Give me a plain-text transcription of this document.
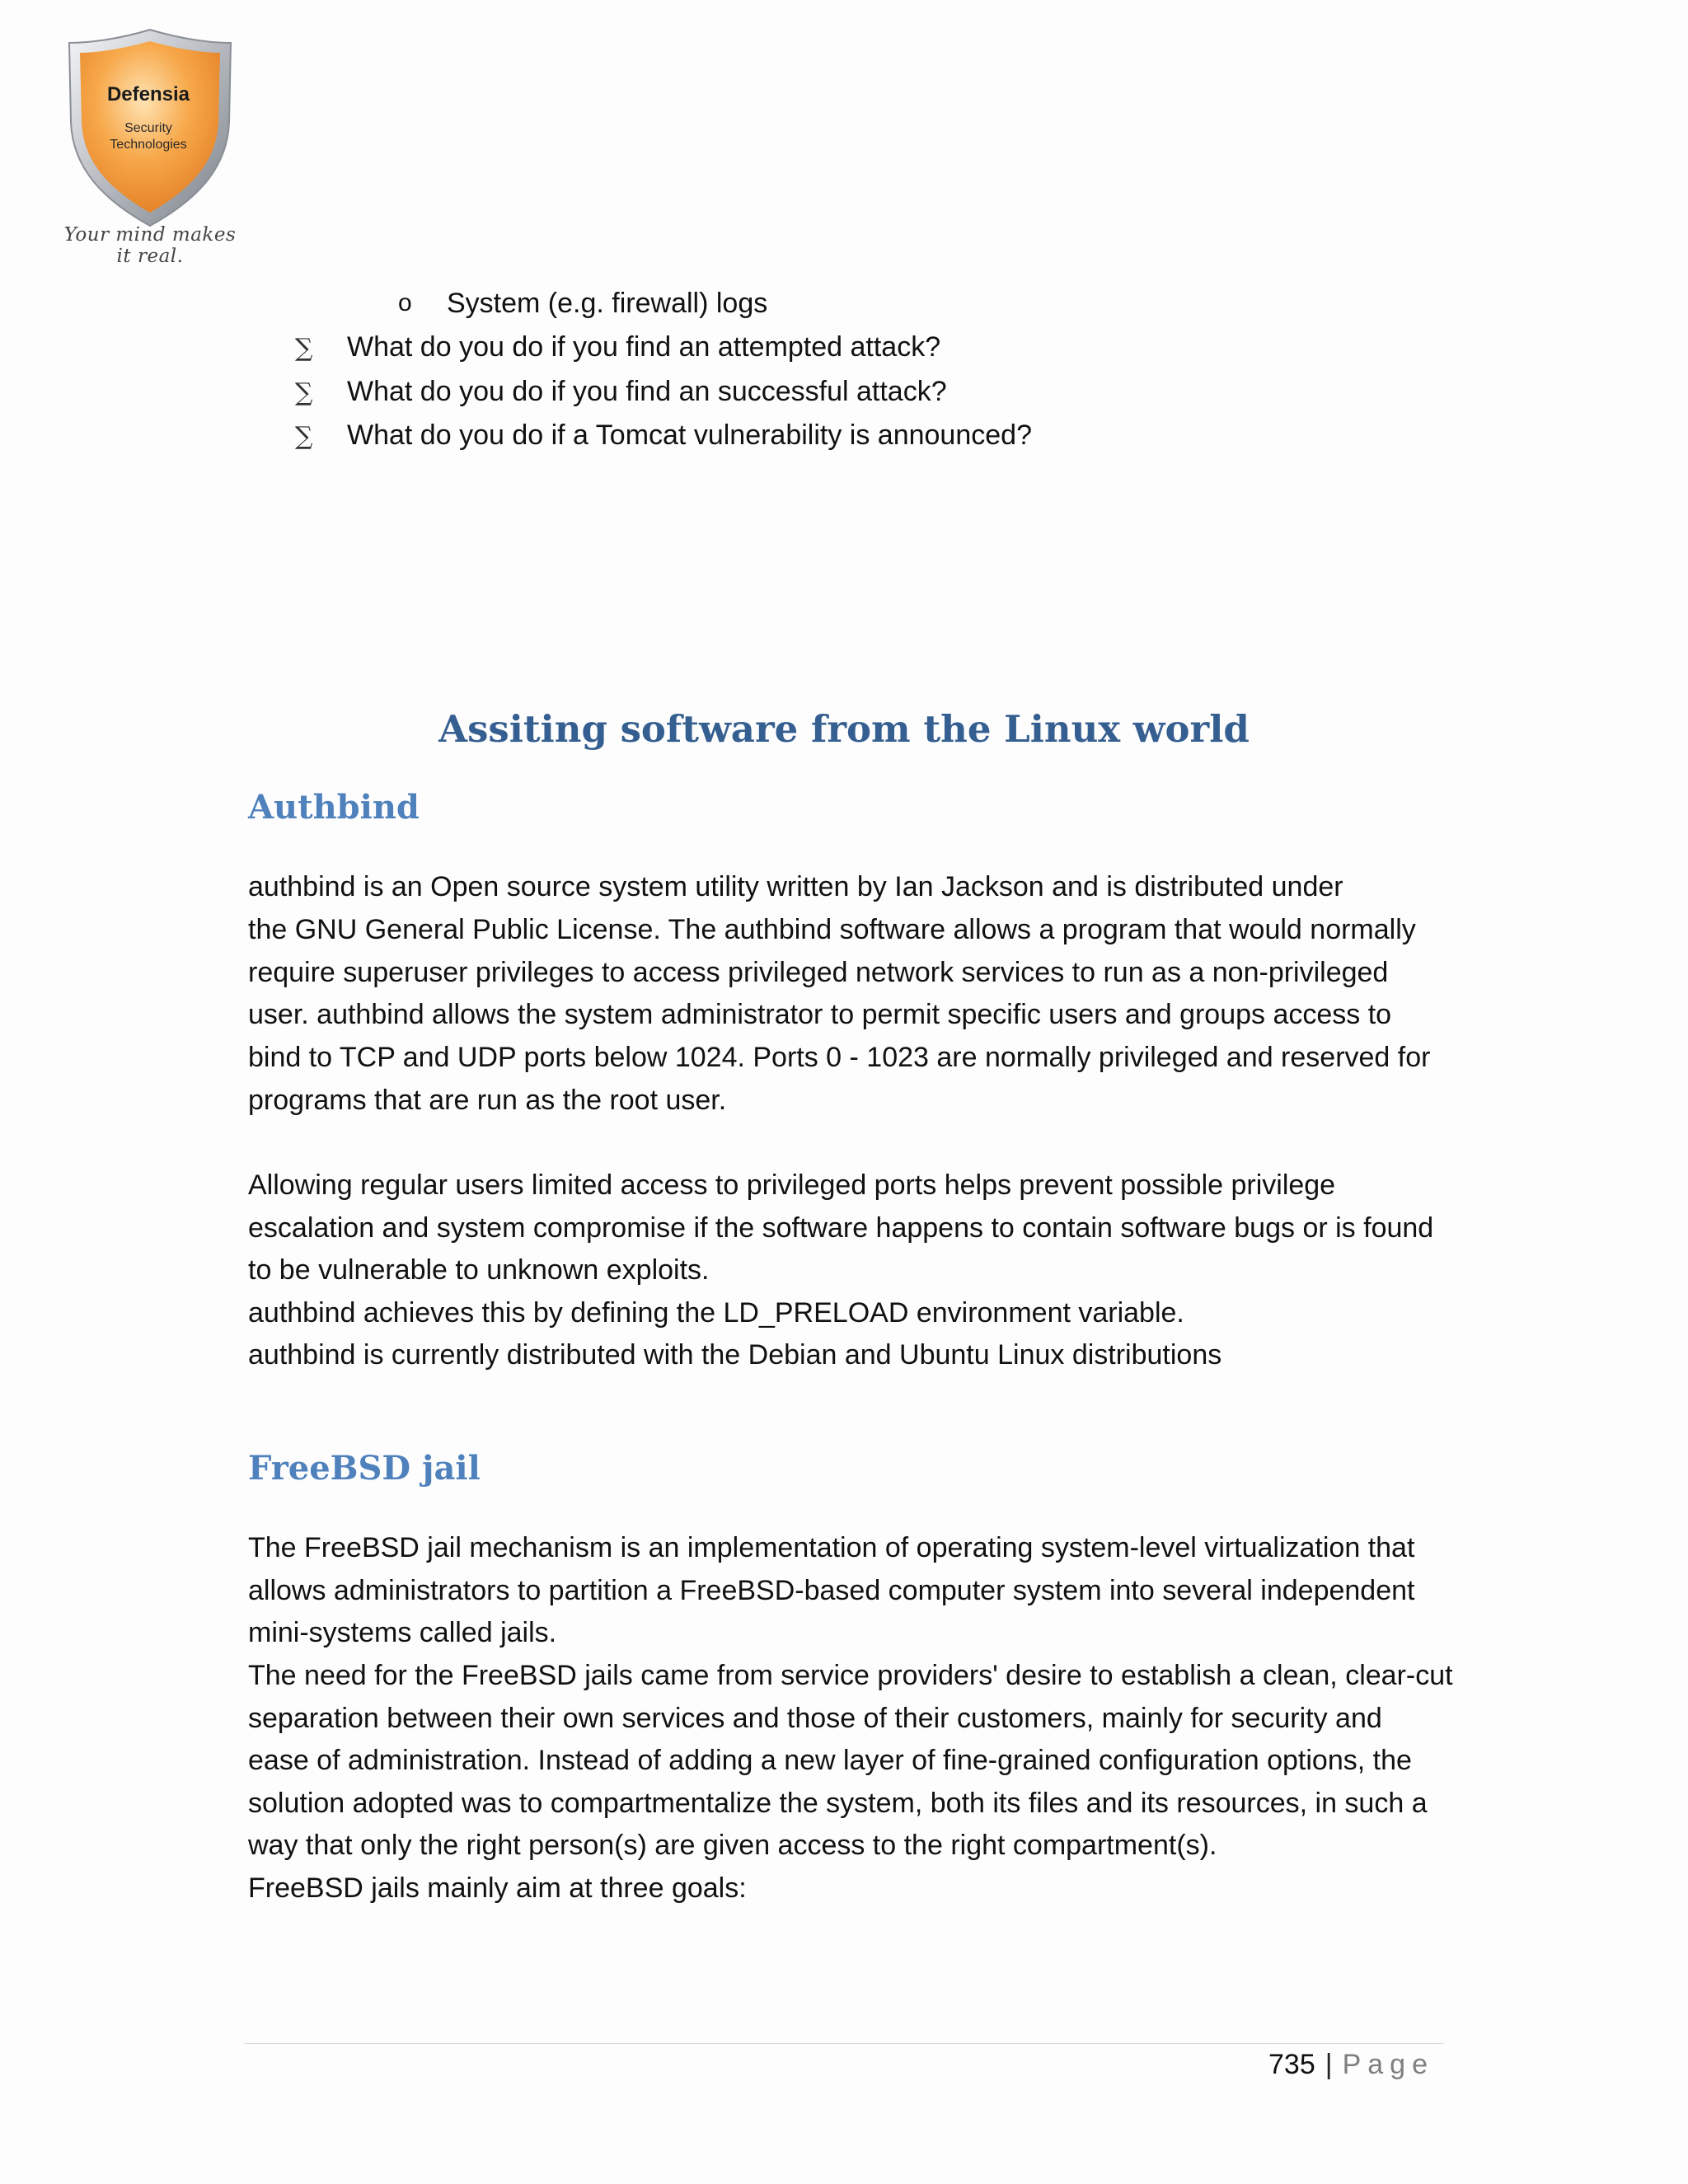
Defensia
Security
Technologies
Your mind makes it real.
o System (e.g. firewall) logs
∑ What do you do if you find an attempted attack?
∑ What do you do if you find an successful attack?
∑ What do you do if a Tomcat vulnerability is announced?
Assiting software from the Linux world
Authbind
authbind is an Open source system utility written by Ian Jackson and is distributed under
the GNU General Public License. The authbind software allows a program that would normally
require superuser privileges to access privileged network services to run as a non-privileged
user. authbind allows the system administrator to permit specific users and groups access to
bind to TCP and UDP ports below 1024. Ports 0 - 1023 are normally privileged and reserved for
programs that are run as the root user.
Allowing regular users limited access to privileged ports helps prevent possible privilege
escalation and system compromise if the software happens to contain software bugs or is found
to be vulnerable to unknown exploits.
authbind achieves this by defining the LD_PRELOAD environment variable.
authbind is currently distributed with the Debian and Ubuntu Linux distributions
FreeBSD jail
The FreeBSD jail mechanism is an implementation of operating system-level virtualization that
allows administrators to partition a FreeBSD-based computer system into several independent
mini-systems called jails.
The need for the FreeBSD jails came from service providers' desire to establish a clean, clear-cut
separation between their own services and those of their customers, mainly for security and
ease of administration. Instead of adding a new layer of fine-grained configuration options, the
solution adopted was to compartmentalize the system, both its files and its resources, in such a
way that only the right person(s) are given access to the right compartment(s).
FreeBSD jails mainly aim at three goals:
735 | Page
